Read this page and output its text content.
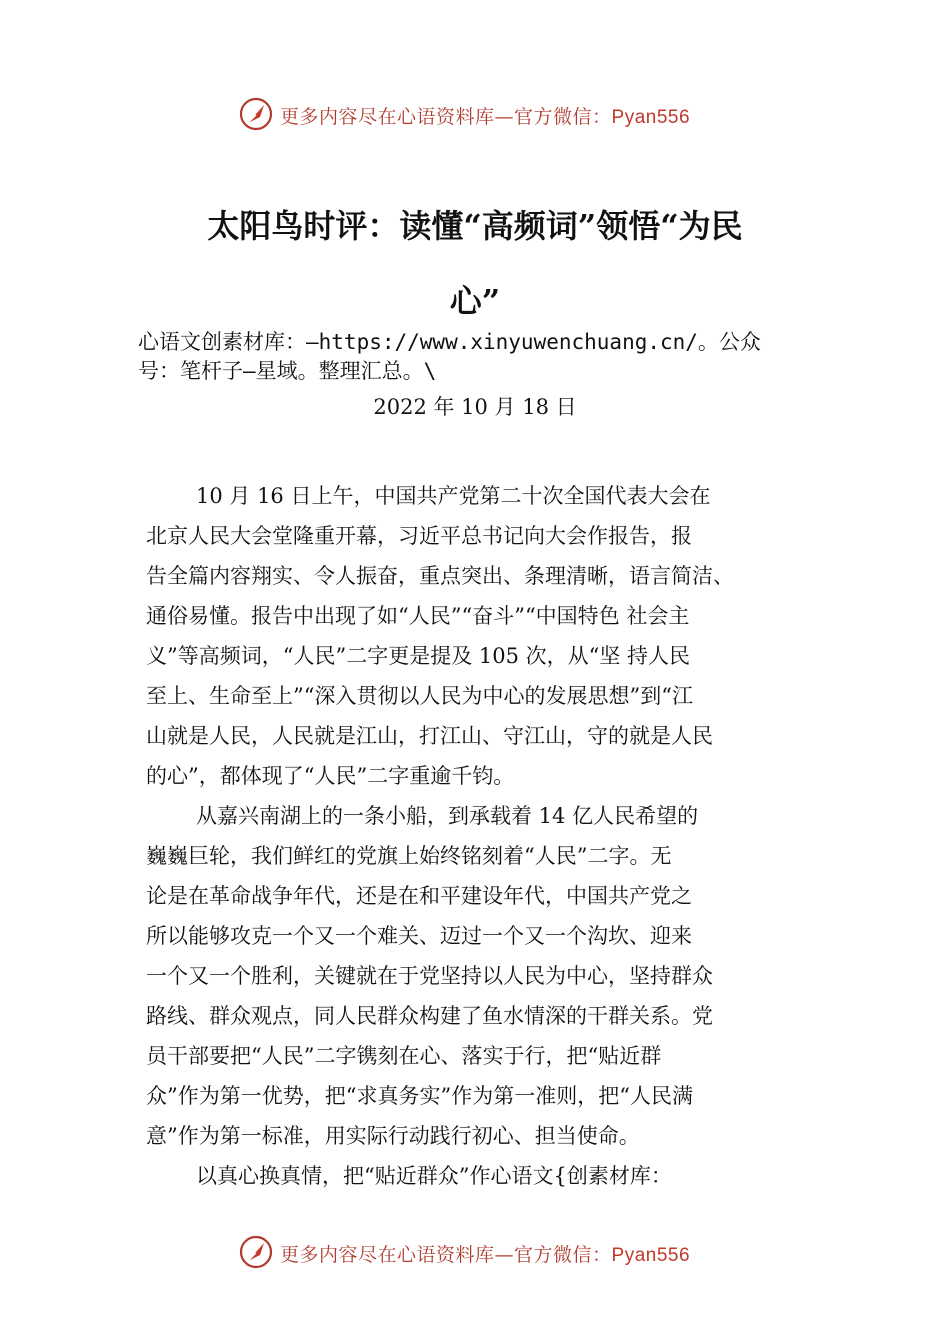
更多内容尽在心语资料库—官方微信：Pyan556
太阳鸟时评：读懂“高频词”领悟“为民
心”
心语文创素材库：—https://www.xinyuwenchuang.cn/。公众
号：笔杆子—星域。整理汇总。\
2022 年 10 月 18 日
10 月 16 日上午，中国共产党第二十次全国代表大会在
北京人民大会堂隆重开幕，习近平总书记向大会作报告，报
告全篇内容翔实、令人振奋，重点突出、条理清晰，语言简洁、
通俗易懂。报告中出现了如“人民”“奋斗”“中国特色 社会主
义”等高频词，“人民”二字更是提及 105 次，从“坚 持人民
至上、生命至上”“深入贯彻以人民为中心的发展思想”到“江
山就是人民，人民就是江山，打江山、守江山，守的就是人民
的心”，都体现了“人民”二字重逾千钧。
从嘉兴南湖上的一条小船，到承载着 14 亿人民希望的
巍巍巨轮，我们鲜红的党旗上始终铭刻着“人民”二字。无
论是在革命战争年代，还是在和平建设年代，中国共产党之
所以能够攻克一个又一个难关、迈过一个又一个沟坎、迎来
一个又一个胜利，关键就在于党坚持以人民为中心，坚持群众
路线、群众观点，同人民群众构建了鱼水情深的干群关系。党
员干部要把“人民”二字镌刻在心、落实于行，把“贴近群
众”作为第一优势，把“求真务实”作为第一准则，把“人民满
意”作为第一标准，用实际行动践行初心、担当使命。
以真心换真情，把“贴近群众”作心语文{创素材库：
更多内容尽在心语资料库—官方微信：Pyan556
